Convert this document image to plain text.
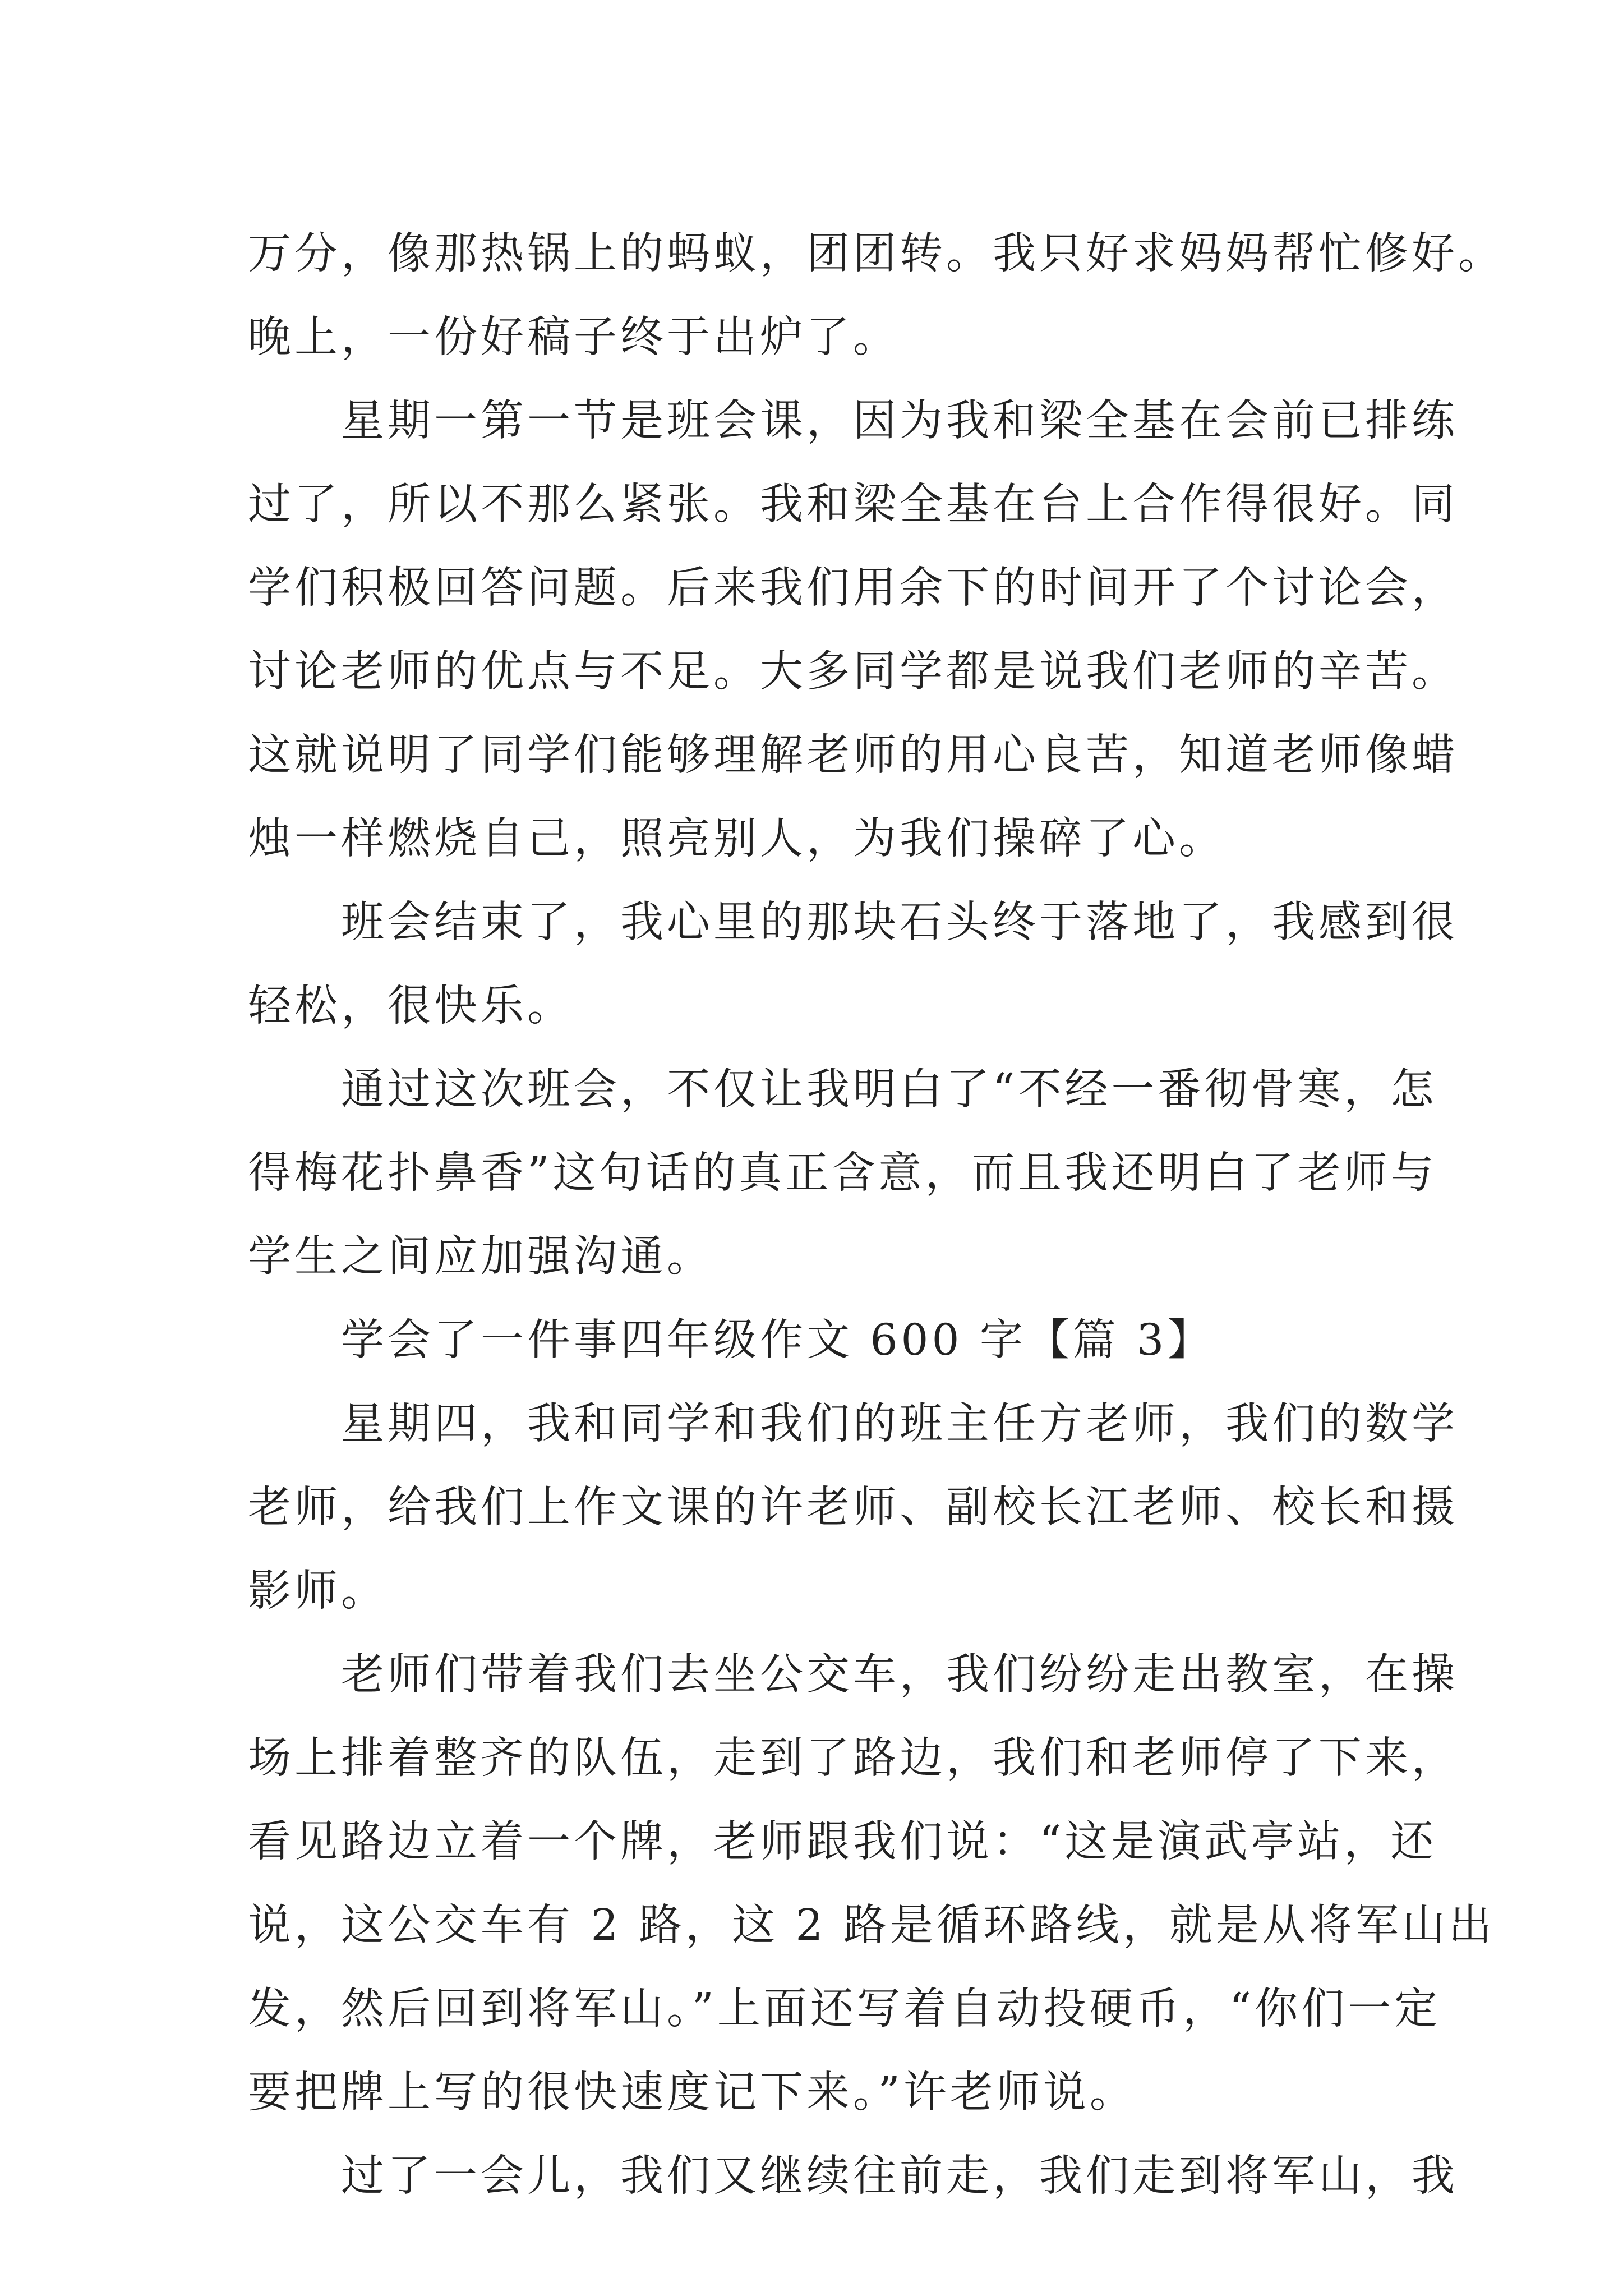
万分，像那热锅上的蚂蚁，团团转。我只好求妈妈帮忙修好。
晚上，一份好稿子终于出炉了。
星期一第一节是班会课，因为我和梁全基在会前已排练
过了，所以不那么紧张。我和梁全基在台上合作得很好。同
学们积极回答问题。后来我们用余下的时间开了个讨论会，
讨论老师的优点与不足。大多同学都是说我们老师的辛苦。
这就说明了同学们能够理解老师的用心良苦，知道老师像蜡
烛一样燃烧自己，照亮别人，为我们操碎了心。
班会结束了，我心里的那块石头终于落地了，我感到很
轻松，很快乐。
通过这次班会，不仅让我明白了“不经一番彻骨寒，怎
得梅花扑鼻香”这句话的真正含意，而且我还明白了老师与
学生之间应加强沟通。
学会了一件事四年级作文 600 字【篇 3】
星期四，我和同学和我们的班主任方老师，我们的数学
老师，给我们上作文课的许老师、副校长江老师、校长和摄
影师。
老师们带着我们去坐公交车，我们纷纷走出教室，在操
场上排着整齐的队伍，走到了路边，我们和老师停了下来，
看见路边立着一个牌，老师跟我们说：“这是演武亭站，还
说，这公交车有 2 路，这 2 路是循环路线，就是从将军山出
发，然后回到将军山。”上面还写着自动投硬币，“你们一定
要把牌上写的很快速度记下来。”许老师说。
过了一会儿，我们又继续往前走，我们走到将军山，我
